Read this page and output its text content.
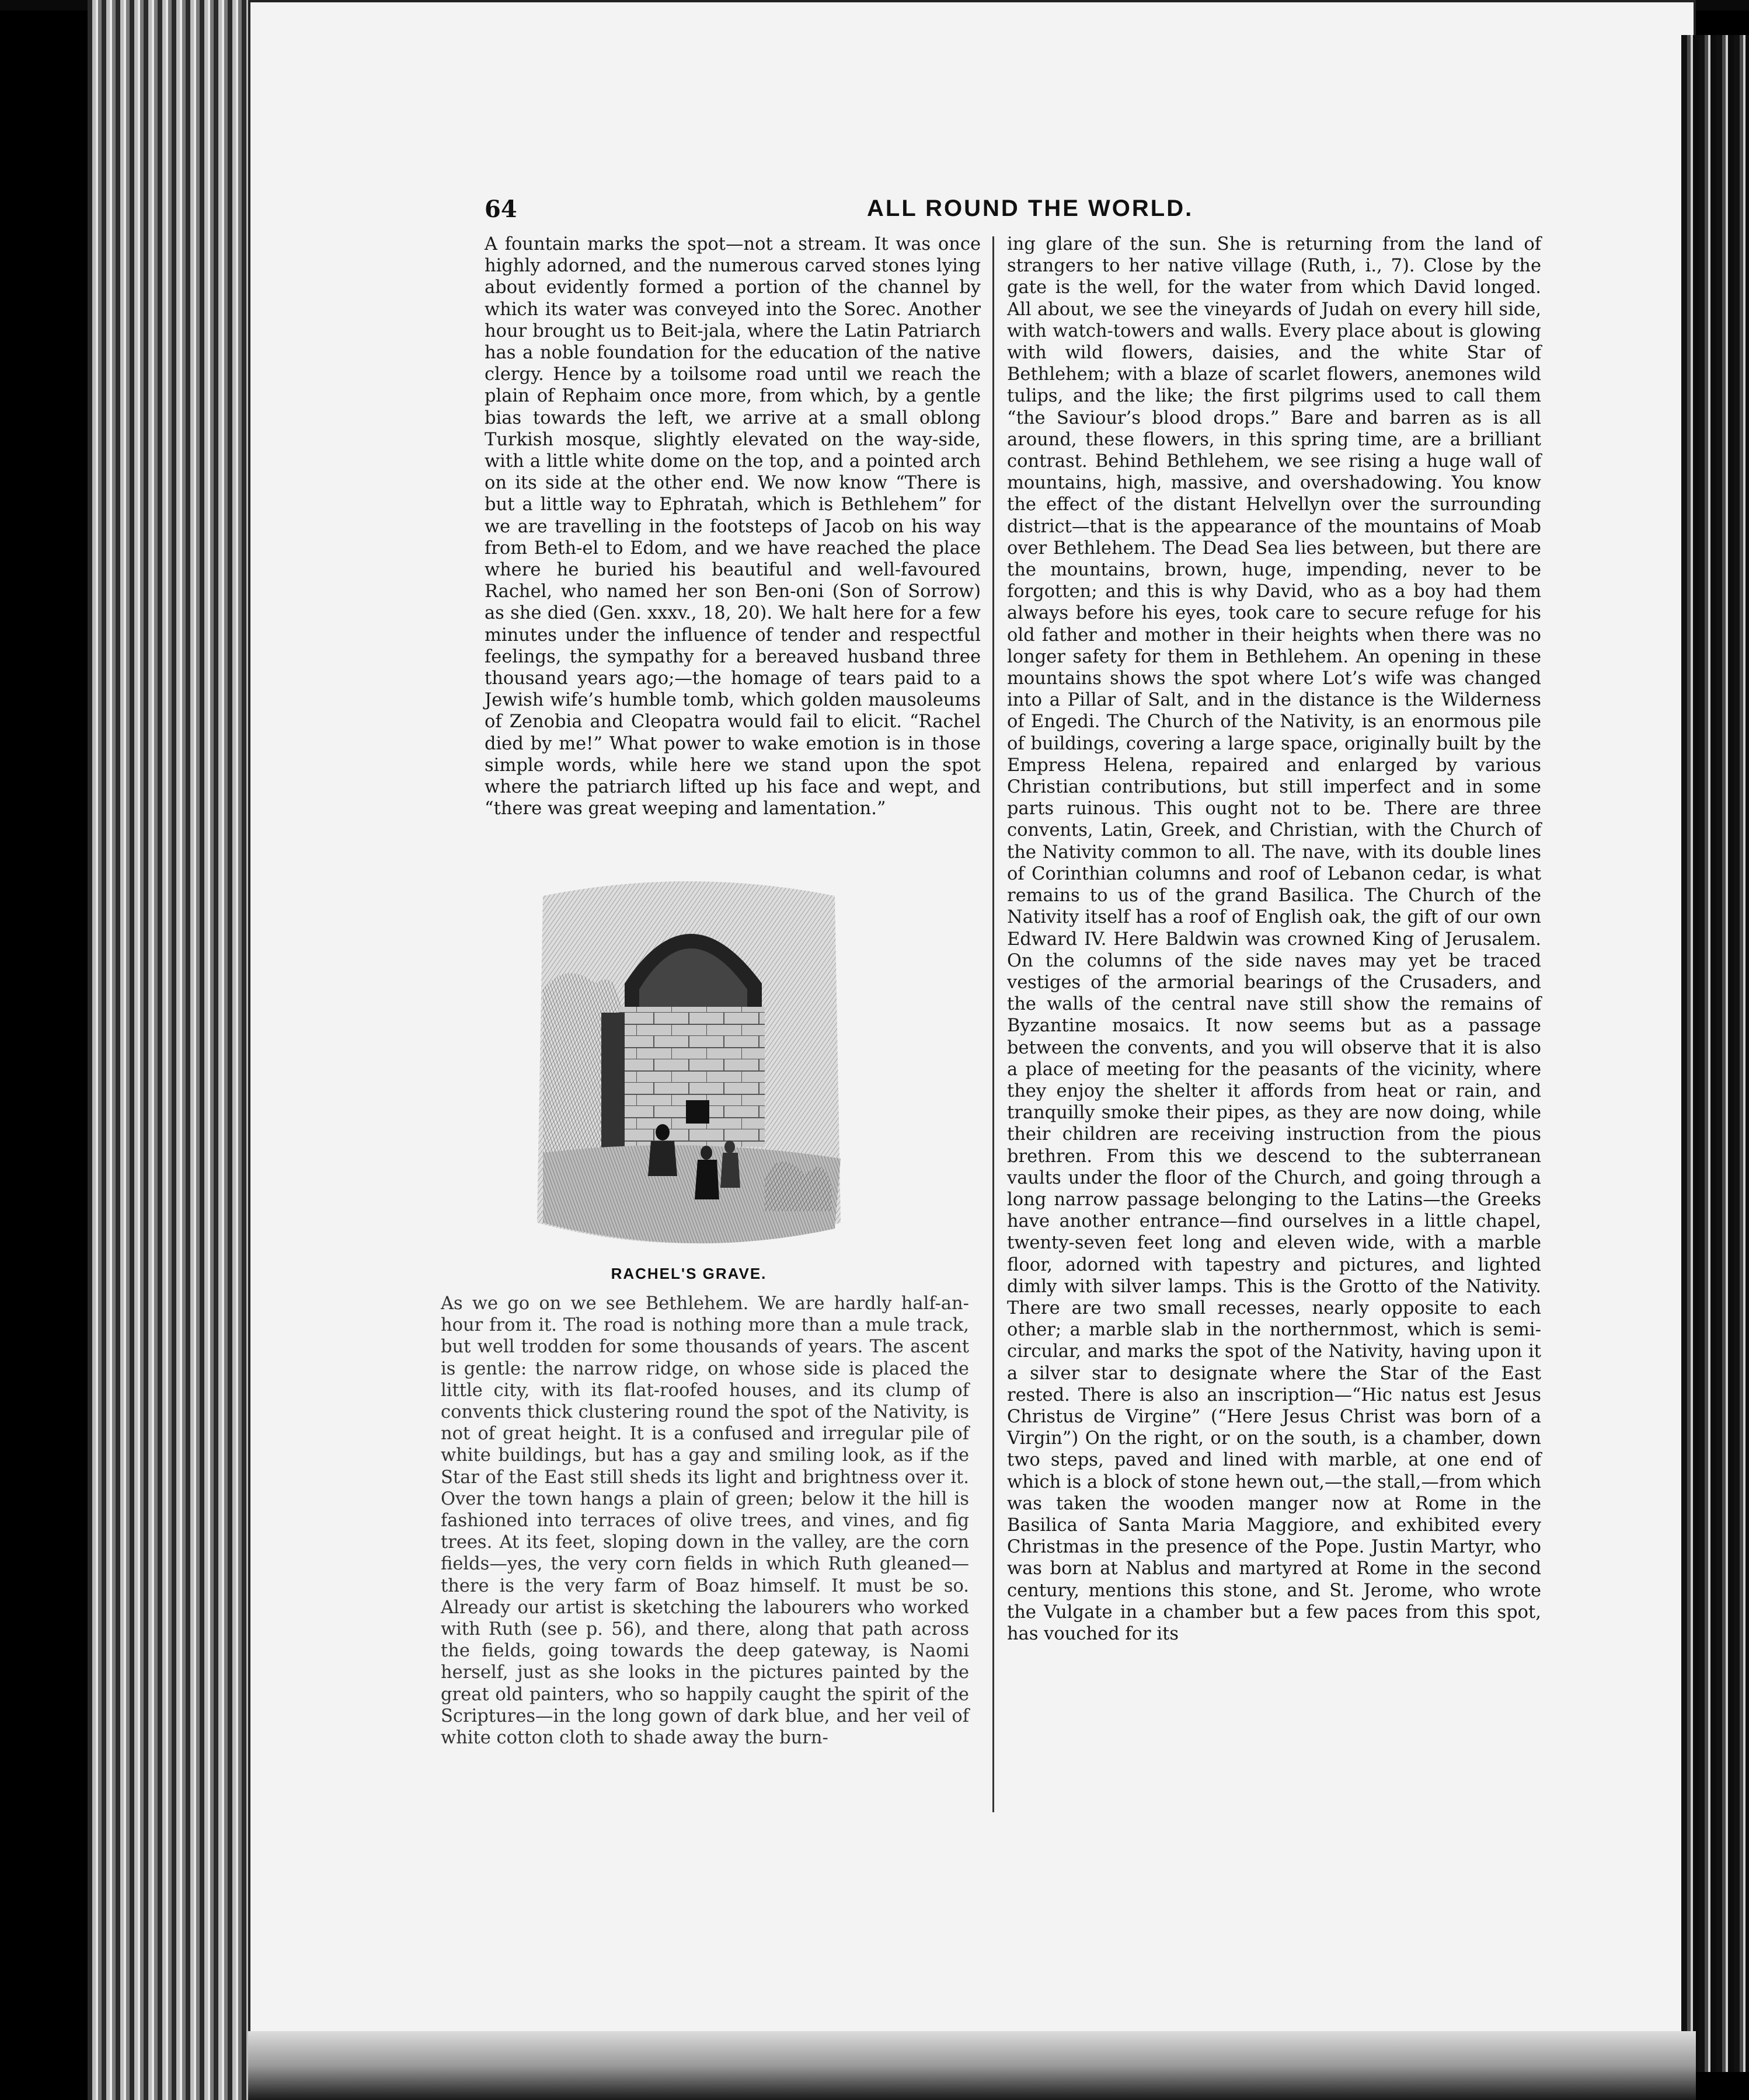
64	ALL ROUND THE WORLD.
A fountain marks the spot—not a stream. It was once highly adorned, and the numerous carved stones lying about evidently formed a portion of the channel by which its water was conveyed into the Sorec. Another hour brought us to Beit-jala, where the Latin Patriarch has a noble foundation for the education of the native clergy. Hence by a toilsome road until we reach the plain of Rephaim once more, from which, by a gentle bias towards the left, we arrive at a small oblong Turkish mosque, slightly elevated on the way-side, with a little white dome on the top, and a pointed arch on its side at the other end. We now know “There is but a little way to Ephratah, which is Bethlehem” for we are travelling in the footsteps of Jacob on his way from Beth-el to Edom, and we have reached the place where he buried his beautiful and well-favoured Rachel, who named her son Ben-oni (Son of Sorrow) as she died (Gen. xxxv., 18, 20). We halt here for a few minutes under the influence of tender and respectful feelings, the sympathy for a bereaved husband three thousand years ago;—the homage of tears paid to a Jewish wife’s humble tomb, which golden mausoleums of Zenobia and Cleopatra would fail to elicit. “Rachel died by me!” What power to wake emotion is in those simple words, while here we stand upon the spot where the patriarch lifted up his face and wept, and “there was great weeping and lamentation.”
RACHEL'S GRAVE.
As we go on we see Bethlehem. We are hardly half-an-hour from it. The road is nothing more than a mule track, but well trodden for some thousands of years. The ascent is gentle: the narrow ridge, on whose side is placed the little city, with its flat-roofed houses, and its clump of convents thick clustering round the spot of the Nativity, is not of great height. It is a confused and irregular pile of white buildings, but has a gay and smiling look, as if the Star of the East still sheds its light and brightness over it. Over the town hangs a plain of green; below it the hill is fashioned into terraces of olive trees, and vines, and fig trees. At its feet, sloping down in the valley, are the corn fields—yes, the very corn fields in which Ruth gleaned—there is the very farm of Boaz himself. It must be so. Already our artist is sketching the labourers who worked with Ruth (see p. 56), and there, along that path across the fields, going towards the deep gateway, is Naomi herself, just as she looks in the pictures painted by the great old painters, who so happily caught the spirit of the Scriptures—in the long gown of dark blue, and her veil of white cotton cloth to shade away the burn-
ing glare of the sun. She is returning from the land of strangers to her native village (Ruth, i., 7). Close by the gate is the well, for the water from which David longed. All about, we see the vineyards of Judah on every hill side, with watch-towers and walls. Every place about is glowing with wild flowers, daisies, and the white Star of Bethlehem; with a blaze of scarlet flowers, anemones wild tulips, and the like; the first pilgrims used to call them “the Saviour’s blood drops.” Bare and barren as is all around, these flowers, in this spring time, are a brilliant contrast. Behind Bethlehem, we see rising a huge wall of mountains, high, massive, and overshadowing. You know the effect of the distant Helvellyn over the surrounding district—that is the appearance of the mountains of Moab over Bethlehem. The Dead Sea lies between, but there are the mountains, brown, huge, impending, never to be forgotten; and this is why David, who as a boy had them always before his eyes, took care to secure refuge for his old father and mother in their heights when there was no longer safety for them in Bethlehem. An opening in these mountains shows the spot where Lot’s wife was changed into a Pillar of Salt, and in the distance is the Wilderness of Engedi. The Church of the Nativity, is an enormous pile of buildings, covering a large space, originally built by the Empress Helena, repaired and enlarged by various Christian contributions, but still imperfect and in some parts ruinous. This ought not to be. There are three convents, Latin, Greek, and Christian, with the Church of the Nativity common to all. The nave, with its double lines of Corinthian columns and roof of Lebanon cedar, is what remains to us of the grand Basilica. The Church of the Nativity itself has a roof of English oak, the gift of our own Edward IV. Here Baldwin was crowned King of Jerusalem. On the columns of the side naves may yet be traced vestiges of the armorial bearings of the Crusaders, and the walls of the central nave still show the remains of Byzantine mosaics. It now seems but as a passage between the convents, and you will observe that it is also a place of meeting for the peasants of the vicinity, where they enjoy the shelter it affords from heat or rain, and tranquilly smoke their pipes, as they are now doing, while their children are receiving instruction from the pious brethren. From this we descend to the subterranean vaults under the floor of the Church, and going through a long narrow passage belonging to the Latins—the Greeks have another entrance—find ourselves in a little chapel, twenty-seven feet long and eleven wide, with a marble floor, adorned with tapestry and pictures, and lighted dimly with silver lamps. This is the Grotto of the Nativity. There are two small recesses, nearly opposite to each other; a marble slab in the northernmost, which is semi-circular, and marks the spot of the Nativity, having upon it a silver star to designate where the Star of the East rested. There is also an inscription—“Hic natus est Jesus Christus de Virgine” (“Here Jesus Christ was born of a Virgin”) On the right, or on the south, is a chamber, down two steps, paved and lined with marble, at one end of which is a block of stone hewn out,—the stall,—from which was taken the wooden manger now at Rome in the Basilica of Santa Maria Maggiore, and exhibited every Christmas in the presence of the Pope. Justin Martyr, who was born at Nablus and martyred at Rome in the second century, mentions this stone, and St. Jerome, who wrote the Vulgate in a chamber but a few paces from this spot, has vouched for its
